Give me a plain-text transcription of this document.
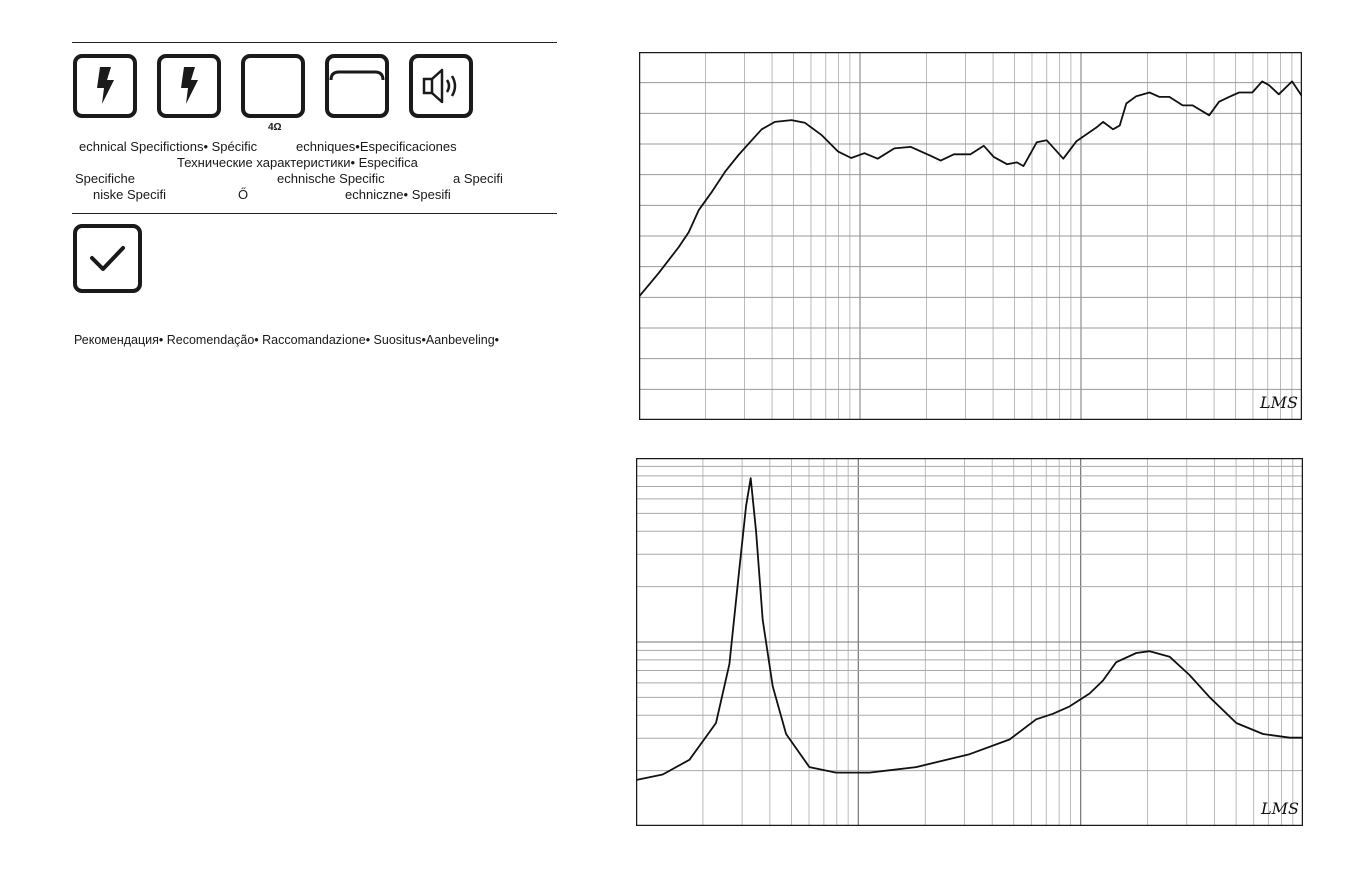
4Ω
echnical Specific tions• Spécific	echniques•Especificaciones
Технические характеристики• Especifica
Specifiche	echnische Specific	a Specifi
niske Specifi	Ő	echniczne• Spesifi
Рекомендация• Recomendação• Raccomandazione• Suositus•Aanbeveling•
LMS
LMS
